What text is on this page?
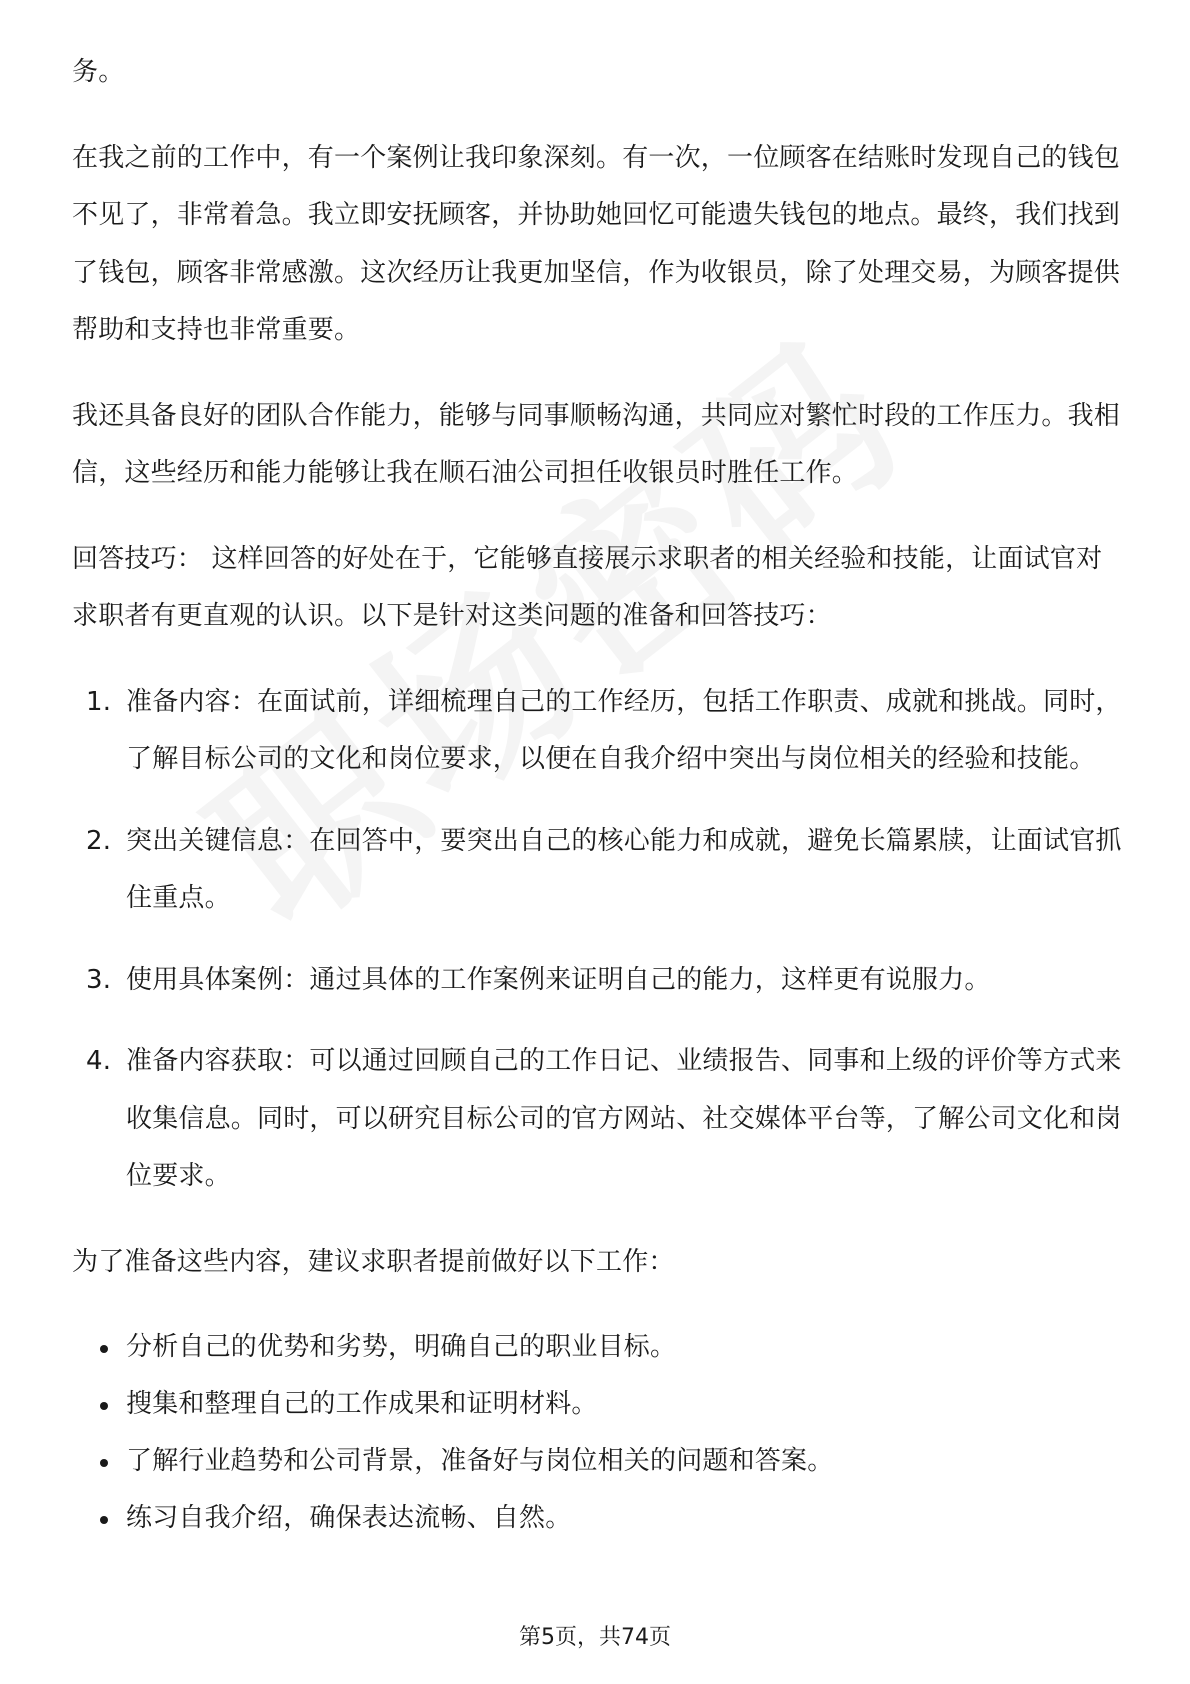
务。

在我之前的工作中，有一个案例让我印象深刻。有一次，一位顾客在结账时发现自己的钱包不见了，非常着急。我立即安抚顾客，并协助她回忆可能遗失钱包的地点。最终，我们找到了钱包，顾客非常感激。这次经历让我更加坚信，作为收银员，除了处理交易，为顾客提供帮助和支持也非常重要。

我还具备良好的团队合作能力，能够与同事顺畅沟通，共同应对繁忙时段的工作压力。我相信，这些经历和能力能够让我在顺石油公司担任收银员时胜任工作。

回答技巧： 这样回答的好处在于，它能够直接展示求职者的相关经验和技能，让面试官对求职者有更直观的认识。以下是针对这类问题的准备和回答技巧：

1. 准备内容：在面试前，详细梳理自己的工作经历，包括工作职责、成就和挑战。同时，了解目标公司的文化和岗位要求，以便在自我介绍中突出与岗位相关的经验和技能。
2. 突出关键信息：在回答中，要突出自己的核心能力和成就，避免长篇累牍，让面试官抓住重点。
3. 使用具体案例：通过具体的工作案例来证明自己的能力，这样更有说服力。
4. 准备内容获取：可以通过回顾自己的工作日记、业绩报告、同事和上级的评价等方式来收集信息。同时，可以研究目标公司的官方网站、社交媒体平台等，了解公司文化和岗位要求。

为了准备这些内容，建议求职者提前做好以下工作：

分析自己的优势和劣势，明确自己的职业目标。
搜集和整理自己的工作成果和证明材料。
了解行业趋势和公司背景，准备好与岗位相关的问题和答案。
练习自我介绍，确保表达流畅、自然。
第5页，共74页
